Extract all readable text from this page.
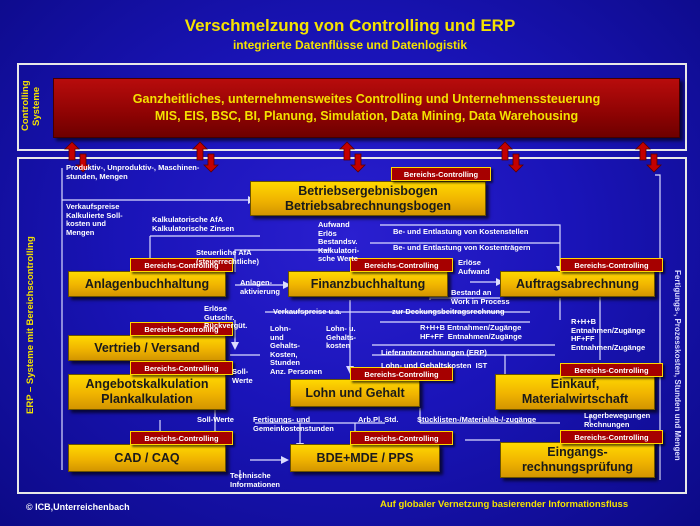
Verschmelzung von Controlling und ERP
integrierte Datenflüsse und Datenlogistik
Controlling Systeme
ERP – Systeme mit Bereichscontrolling	Fertigungs-, Prozesskosten, Stunden und Mengen
Ganzheitliches, unternehmensweites Controlling und Unternehmenssteuerung
MIS, EIS, BSC, BI, Planung, Simulation, Data Mining, Data Warehousing
Betriebsergebnisbogen
Betriebsabrechnungsbogen
Anlagenbuchhaltung	Finanzbuchhaltung	Auftragsabrechnung
Vertrieb / Versand
Angebotskalkulation
Plankalkulation	Lohn und Gehalt
Einkauf,
Materialwirtschaft
CAD / CAQ	BDE+MDE / PPS	Eingangs-
rechnungsprüfung
Bereichs-Controlling
Bereichs-Controlling	Bereichs-Controlling	Bereichs-Controlling
Bereichs-Controlling
Bereichs-Controlling
Bereichs-Controlling	Bereichs-Controlling
Bereichs-Controlling	Bereichs-Controlling	Bereichs-Controlling
Produktiv-, Unproduktiv-, Maschinen-
stunden, Mengen
Verkaufspreise
Kalkulierte Soll-
kosten und
Mengen
Kalkulatorische AfA
Kalkulatorische Zinsen
Steuerliche AfA
(steuerrechtliche)
Aufwand
Erlös
Bestandsv.
Kalkulatori-
sche Werte
Be- und Entlastung von Kostenstellen
Be- und Entlastung von Kostenträgern
Erlöse
Aufwand
Anlagen-
aktivierung	Bestand an
Work in Process
Erlöse
Gutschr.
Rückvergüt.
Verkaufspreise u.a.	zur Deckungsbeitragsrechnung
Lohn-
und
Gehalts-
Kosten,
Stunden
Anz. Personen
Lohn- u.
Gehalts-
kosten
R+H+B Entnahmen/Zugänge
HF+FF  Entnahmen/Zugänge
R+H+B
Entnahmen/Zugänge
HF+FF
Entnahmen/Zugänge
Lieferantenrechnungen (ERP)
Lohn- und Gehaltskosten  IST
Soll-
Werte
Soll-Werte	Fertigungs- und
Gemeinkostenstunden
Arb.Pl. Std. Stücklisten-/Materialab-/-zugänge	Lagerbewegungen
Rechnungen
Technische
Informationen
© ICB,Unterreichenbach	Auf globaler Vernetzung basierender Informationsfluss
